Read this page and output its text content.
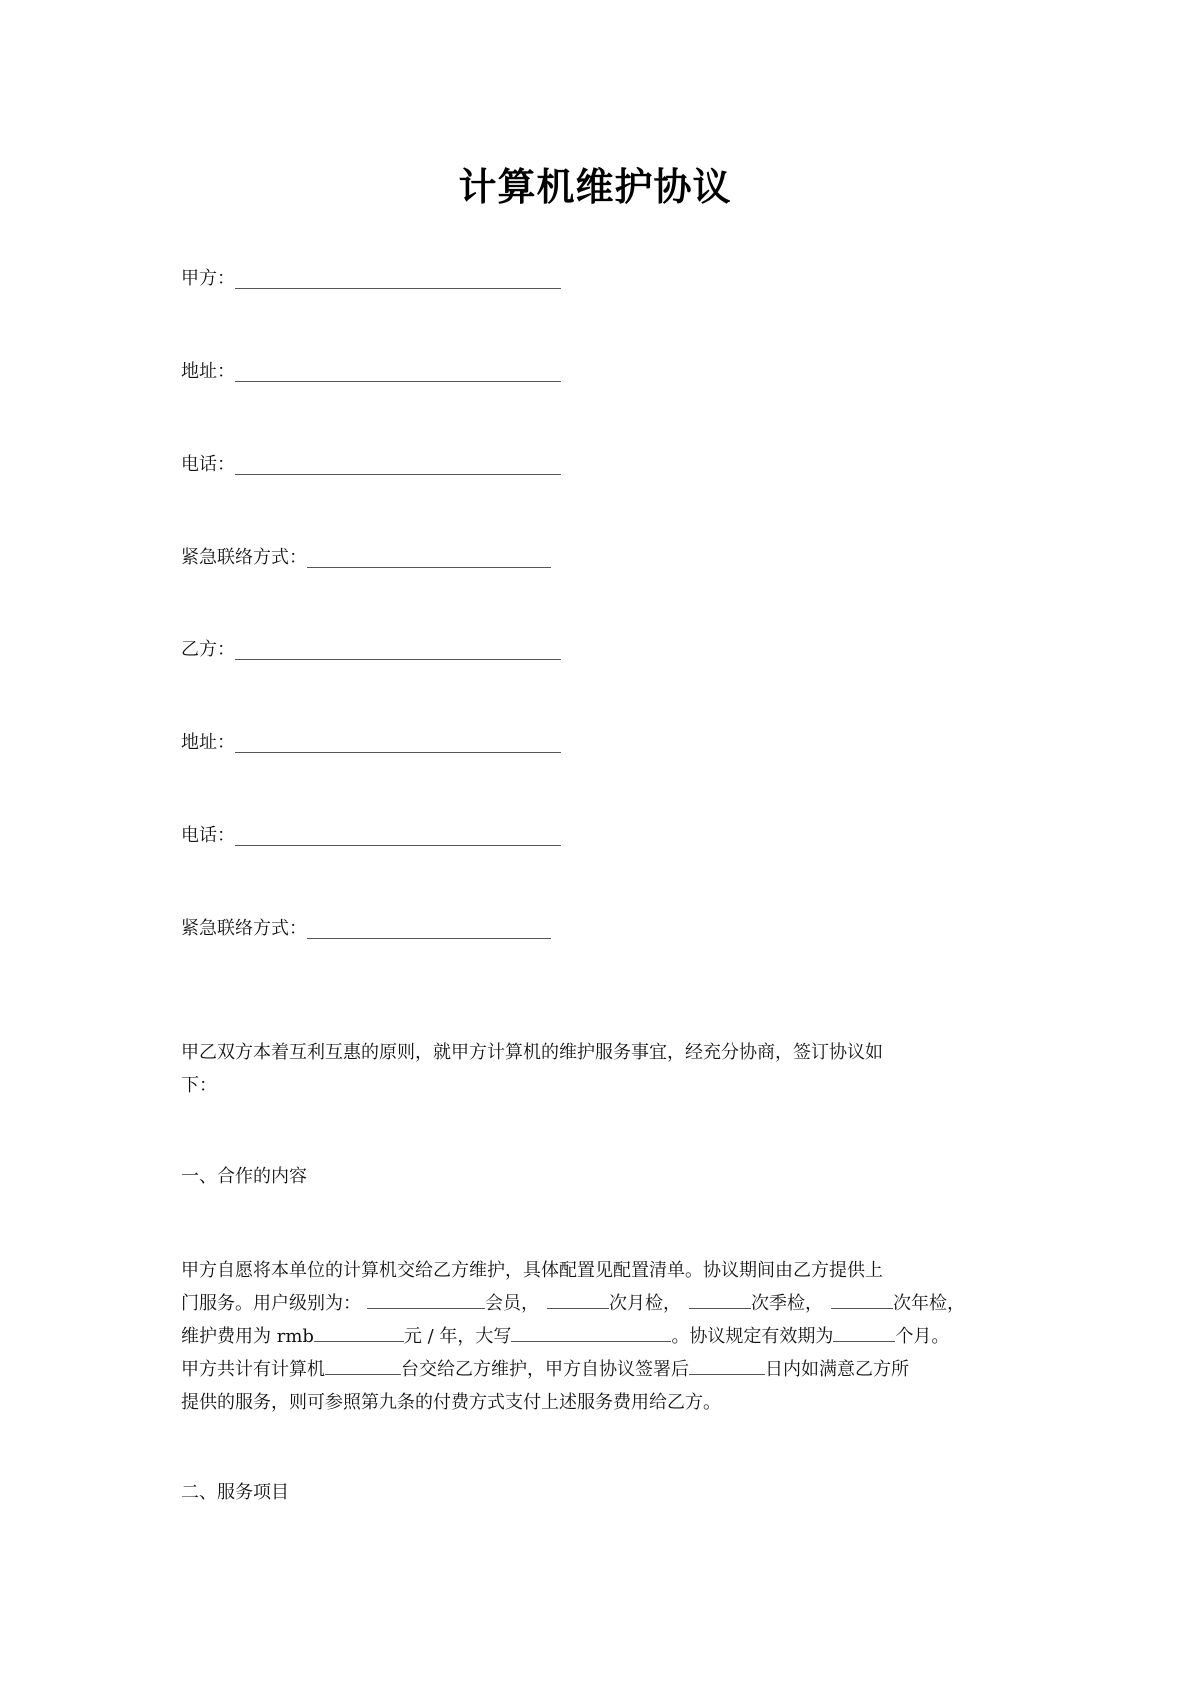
计算机维护协议
甲方：
地址：
电话：
紧急联络方式：
乙方：
地址：
电话：
紧急联络方式：
甲乙双方本着互利互惠的原则，就甲方计算机的维护服务事宜，经充分协商，签订协议如
下：
一、合作的内容
甲方自愿将本单位的计算机交给乙方维护，具体配置见配置清单。协议期间由乙方提供上
门服务。用户级别为：	会员，	次月检，	次季检，	次年检，
维护费用为 rmb	元 / 年，大写	。协议规定有效期为	个月。
甲方共计有计算机	台交给乙方维护，甲方自协议签署后	日内如满意乙方所
提供的服务，则可参照第九条的付费方式支付上述服务费用给乙方。
二、服务项目
